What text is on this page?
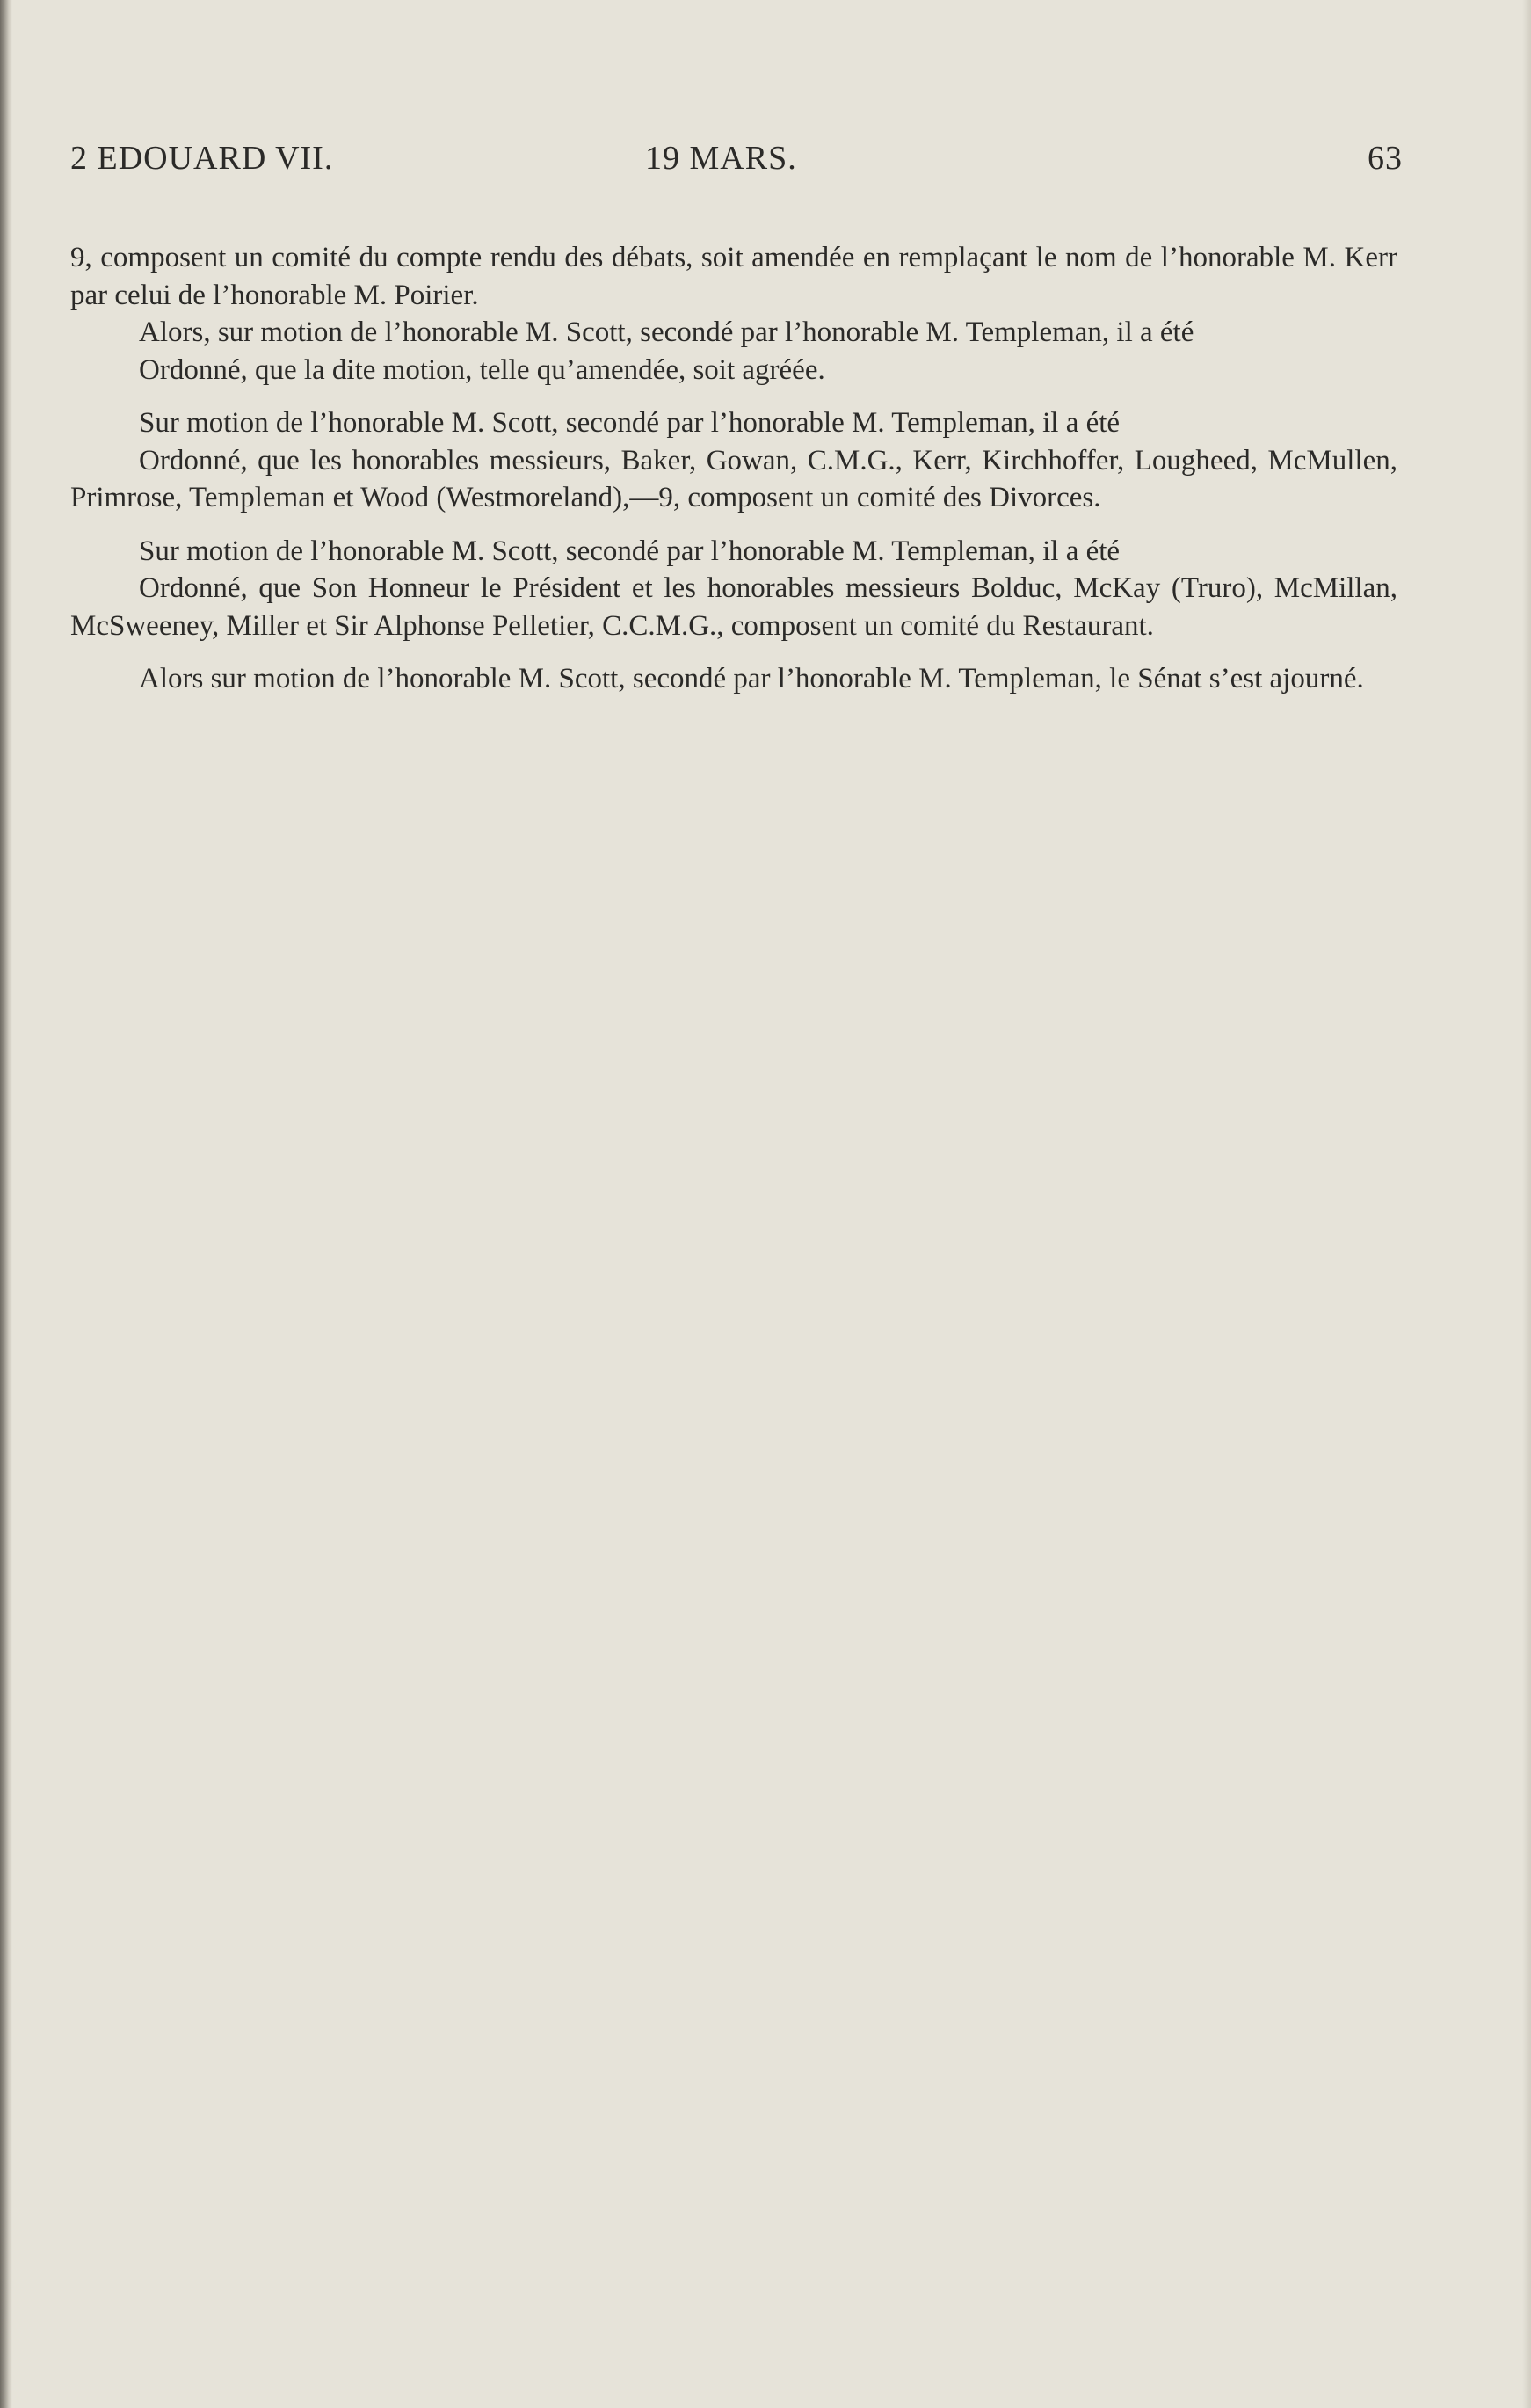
2 EDOUARD VII.	19 MARS.	63

9, composent un comité du compte rendu des débats, soit amendée en remplaçant le nom de l’honorable M. Kerr par celui de l’honorable M. Poirier.

Alors, sur motion de l’honorable M. Scott, secondé par l’honorable M. Templeman, il a été

Ordonné, que la dite motion, telle qu’amendée, soit agréée.

Sur motion de l’honorable M. Scott, secondé par l’honorable M. Templeman, il a été

Ordonné, que les honorables messieurs, Baker, Gowan, C.M.G., Kerr, Kirchhoffer, Lougheed, McMullen, Primrose, Templeman et Wood (Westmoreland),—9, composent un comité des Divorces.

Sur motion de l’honorable M. Scott, secondé par l’honorable M. Templeman, il a été

Ordonné, que Son Honneur le Président et les honorables messieurs Bolduc, McKay (Truro), McMillan, McSweeney, Miller et Sir Alphonse Pelletier, C.C.M.G., composent un comité du Restaurant.

Alors sur motion de l’honorable M. Scott, secondé par l’honorable M. Templeman, le Sénat s’est ajourné.
